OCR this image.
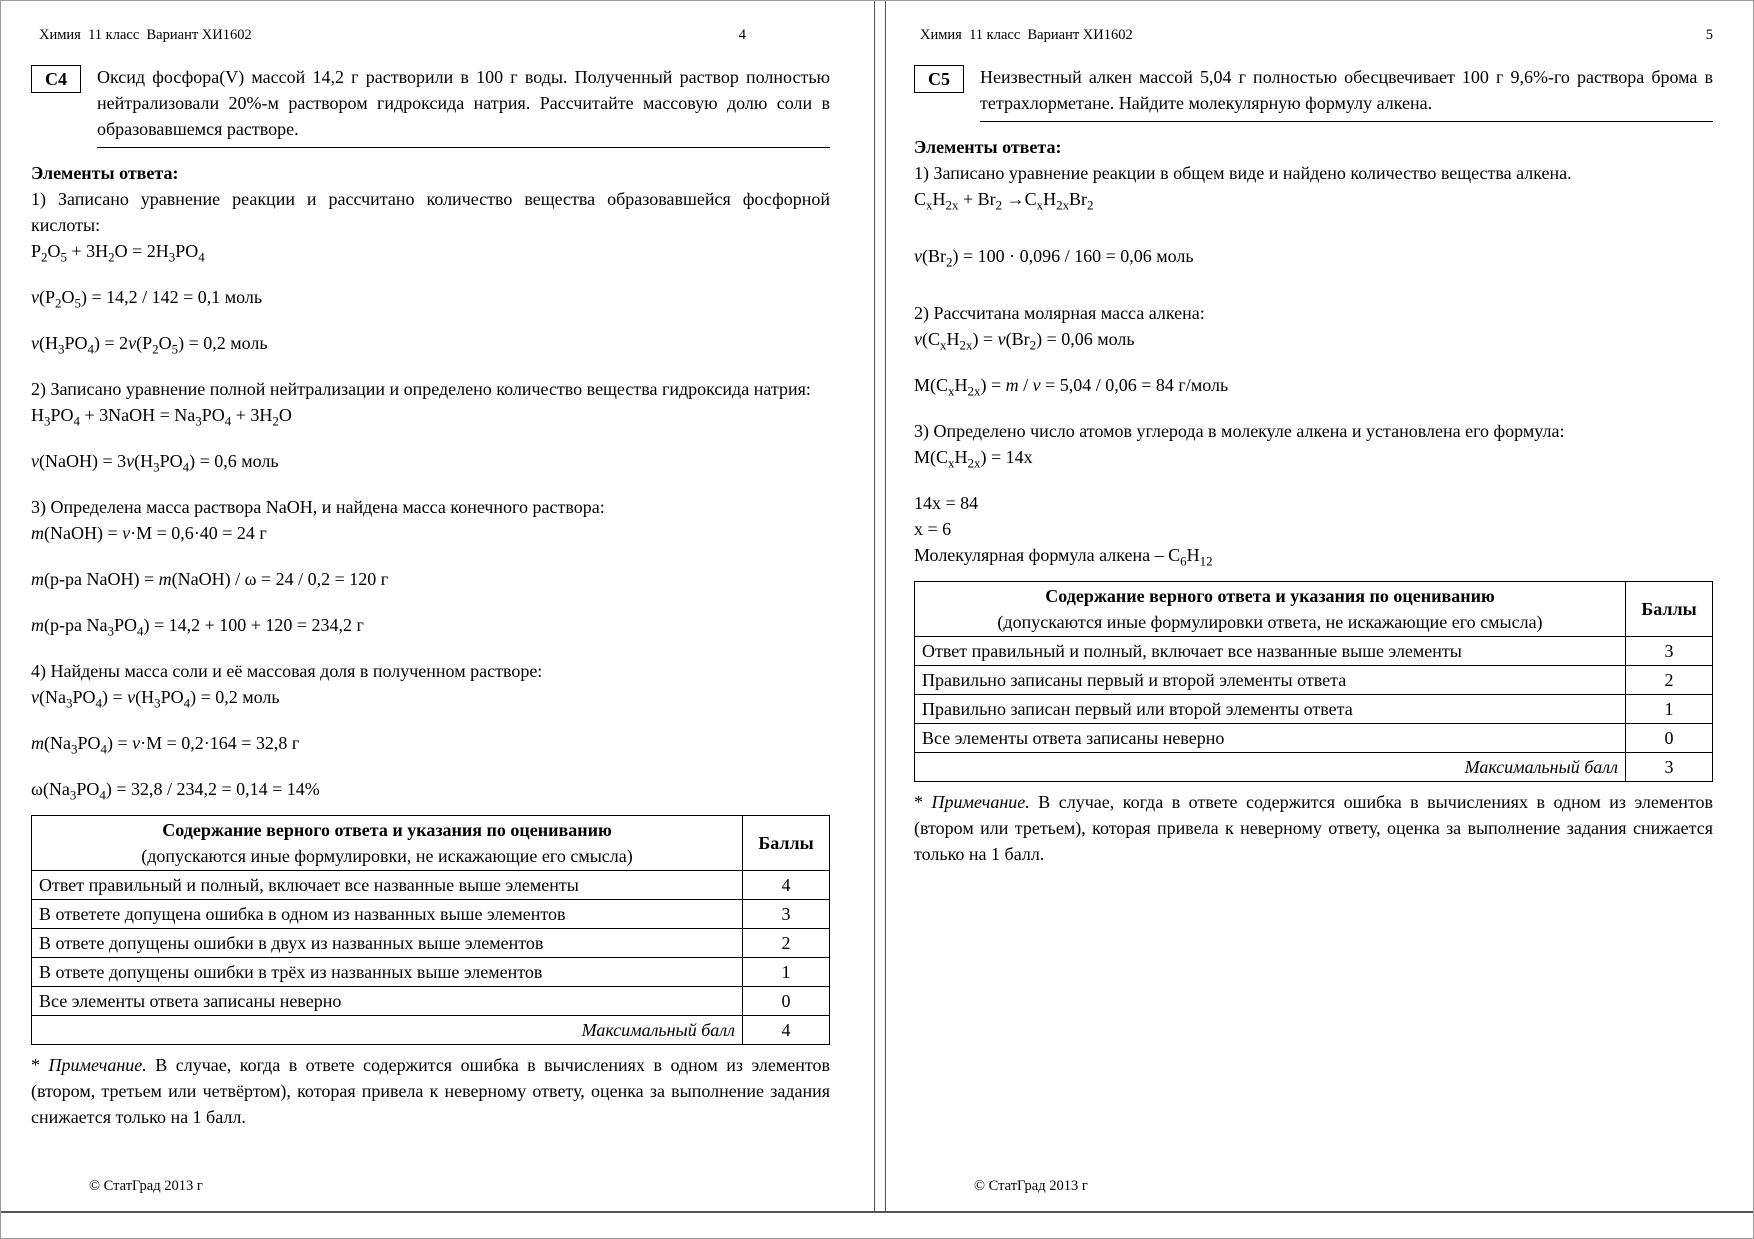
Химия  11 класс  Вариант ХИ1602	4
С4	Оксид фосфора(V) массой 14,2 г растворили в 100 г воды. Полученный раствор полностью нейтрализовали 20%-м раствором гидроксида натрия. Рассчитайте массовую долю соли в образовавшемся растворе.
Элементы ответа:
1) Записано уравнение реакции и рассчитано количество вещества образовавшейся фосфорной кислоты:
$P_2O_5 + 3H_2O = 2H_3PO_4$
$v(P_2O_5) = 14,2 / 142 = 0,1$ моль
$v(H_3PO_4) = 2v(P_2O_5) = 0,2$ моль
2) Записано уравнение полной нейтрализации и определено количество вещества гидроксида натрия:
$H_3PO_4$ + 3NaOH = $Na_3PO_4 + 3H_2O$
v(NaOH) = $3v(H_3PO_4) = 0,6$ моль
3) Определена масса раствора NaOH, и найдена масса конечного раствора:
m(NaOH) = v·M = 0,6·40 = 24 г
m(р-ра NaOH) = m(NaOH) / ω = 24 / 0,2 = 120 г
m(р-ра $Na_3PO_4) = 14,2 + 100 + 120 = 234,2$ г
4) Найдены масса соли и её массовая доля в полученном растворе:
$v(Na_3PO_4) = v(H_3PO_4) = 0,2$ моль
$m(Na_3PO_4) = v\cdot M = 0,2\cdot 164 = 32,8$ г
$\omega(Na_3PO_4) = 32,8 / 234,2 = 0,14 = 14\%$
Содержание верного ответа и указания по оцениванию
(допускаются иные формулировки, не искажающие его смысла)	Баллы
Ответ правильный и полный, включает все названные выше элементы	4
В ответете допущена ошибка в одном из названных выше элементов	3
В ответе допущены ошибки в двух из названных выше элементов	2
В ответе допущены ошибки в трёх из названных выше элементов	1
Все элементы ответа записаны неверно	0
Максимальный балл	4
* Примечание. В случае, когда в ответе содержится ошибка в вычислениях в одном из элементов (втором, третьем или четвёртом), которая привела к неверному ответу, оценка за выполнение задания снижается только на 1 балл.
© СтатГрад 2013 г
Химия  11 класс  Вариант ХИ1602	5
С5	Неизвестный алкен массой 5,04 г полностью обесцвечивает 100 г 9,6%-го раствора брома в тетрахлорметане. Найдите молекулярную формулу алкена.
Элементы ответа:
1) Записано уравнение реакции в общем виде и найдено количество вещества алкена.
$C_xH_{2x} + Br_2 \to C_xH_{2x}Br_2$
$v(Br_2) = 100 \cdot 0,096 / 160 = 0,06$ моль
2) Рассчитана молярная масса алкена:
$v(C_xH_{2x}) = v(Br_2) = 0,06$ моль
$M(C_xH_{2x}) = m / v = 5,04 / 0,06 = 84$ г/моль
3) Определено число атомов углерода в молекуле алкена и установлена его формула:
$M(C_xH_{2x}) = 14x$
14x = 84
x = 6
Молекулярная формула алкена – $C_6H_{12}$
Содержание верного ответа и указания по оцениванию
(допускаются иные формулировки ответа, не искажающие его смысла)	Баллы
Ответ правильный и полный, включает все названные выше элементы	3
Правильно записаны первый и второй элементы ответа	2
Правильно записан первый или второй элементы ответа	1
Все элементы ответа записаны неверно	0
Максимальный балл	3
* Примечание. В случае, когда в ответе содержится ошибка в вычислениях в одном из элементов (втором или третьем), которая привела к неверному ответу, оценка за выполнение задания снижается только на 1 балл.
© СтатГрад 2013 г
